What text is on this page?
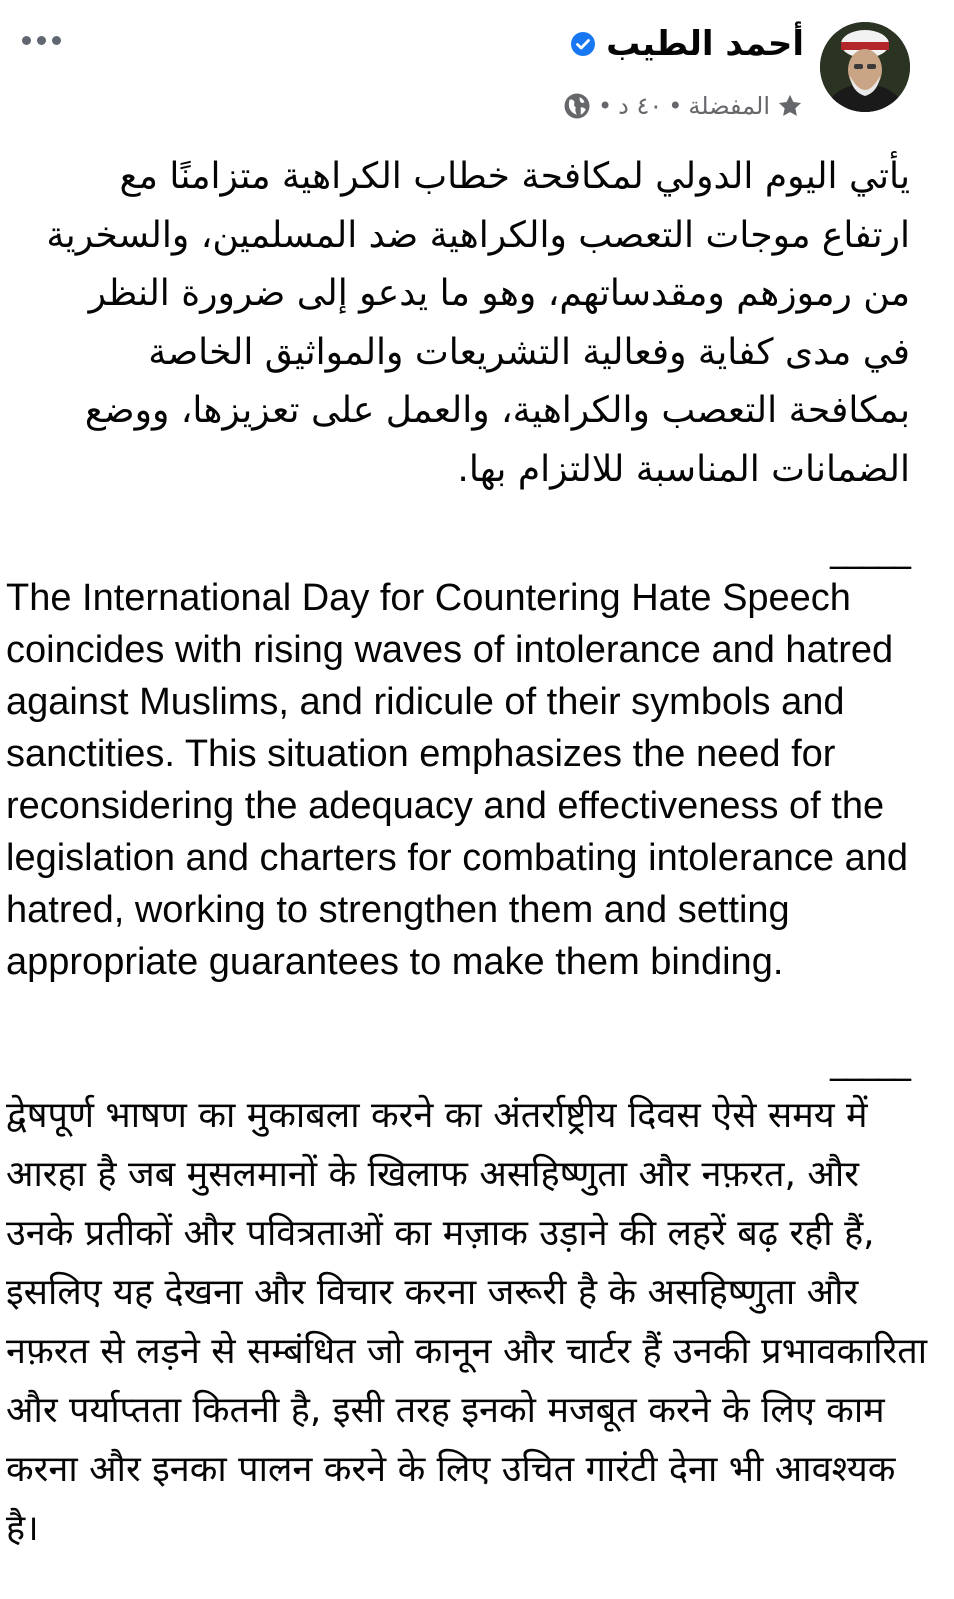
أحمد الطيب
المفضلة
•
٤٠ د
•

يأتي اليوم الدولي لمكافحة خطاب الكراهية متزامنًا مع ارتفاع موجات التعصب والكراهية ضد المسلمين، والسخرية من رموزهم ومقدساتهم، وهو ما يدعو إلى ضرورة النظر في مدى كفاية وفعالية التشريعات والمواثيق الخاصة بمكافحة التعصب والكراهية، والعمل على تعزيزها، ووضع الضمانات المناسبة للالتزام بها.

_____

The International Day for Countering Hate Speech coincides with rising waves of intolerance and hatred against Muslims, and ridicule of their symbols and sanctities. This situation emphasizes the need for reconsidering the adequacy and effectiveness of the legislation and charters for combating intolerance and hatred, working to strengthen them and setting appropriate guarantees to make them binding.

_____

द्वेषपूर्ण भाषण का मुकाबला करने का अंतर्राष्ट्रीय दिवस ऐसे समय में आरहा है जब मुसलमानों के खिलाफ असहिष्णुता और नफ़रत, और उनके प्रतीकों और पवित्रताओं का मज़ाक उड़ाने की लहरें बढ़ रही हैं, इसलिए यह देखना और विचार करना जरूरी है के असहिष्णुता और नफ़रत से लड़ने से सम्बंधित जो कानून और चार्टर हैं उनकी प्रभावकारिता और पर्याप्तता कितनी है, इसी तरह इनको मजबूत करने के लिए काम करना और इनका पालन करने के लिए उचित गारंटी देना भी आवश्यक है।
